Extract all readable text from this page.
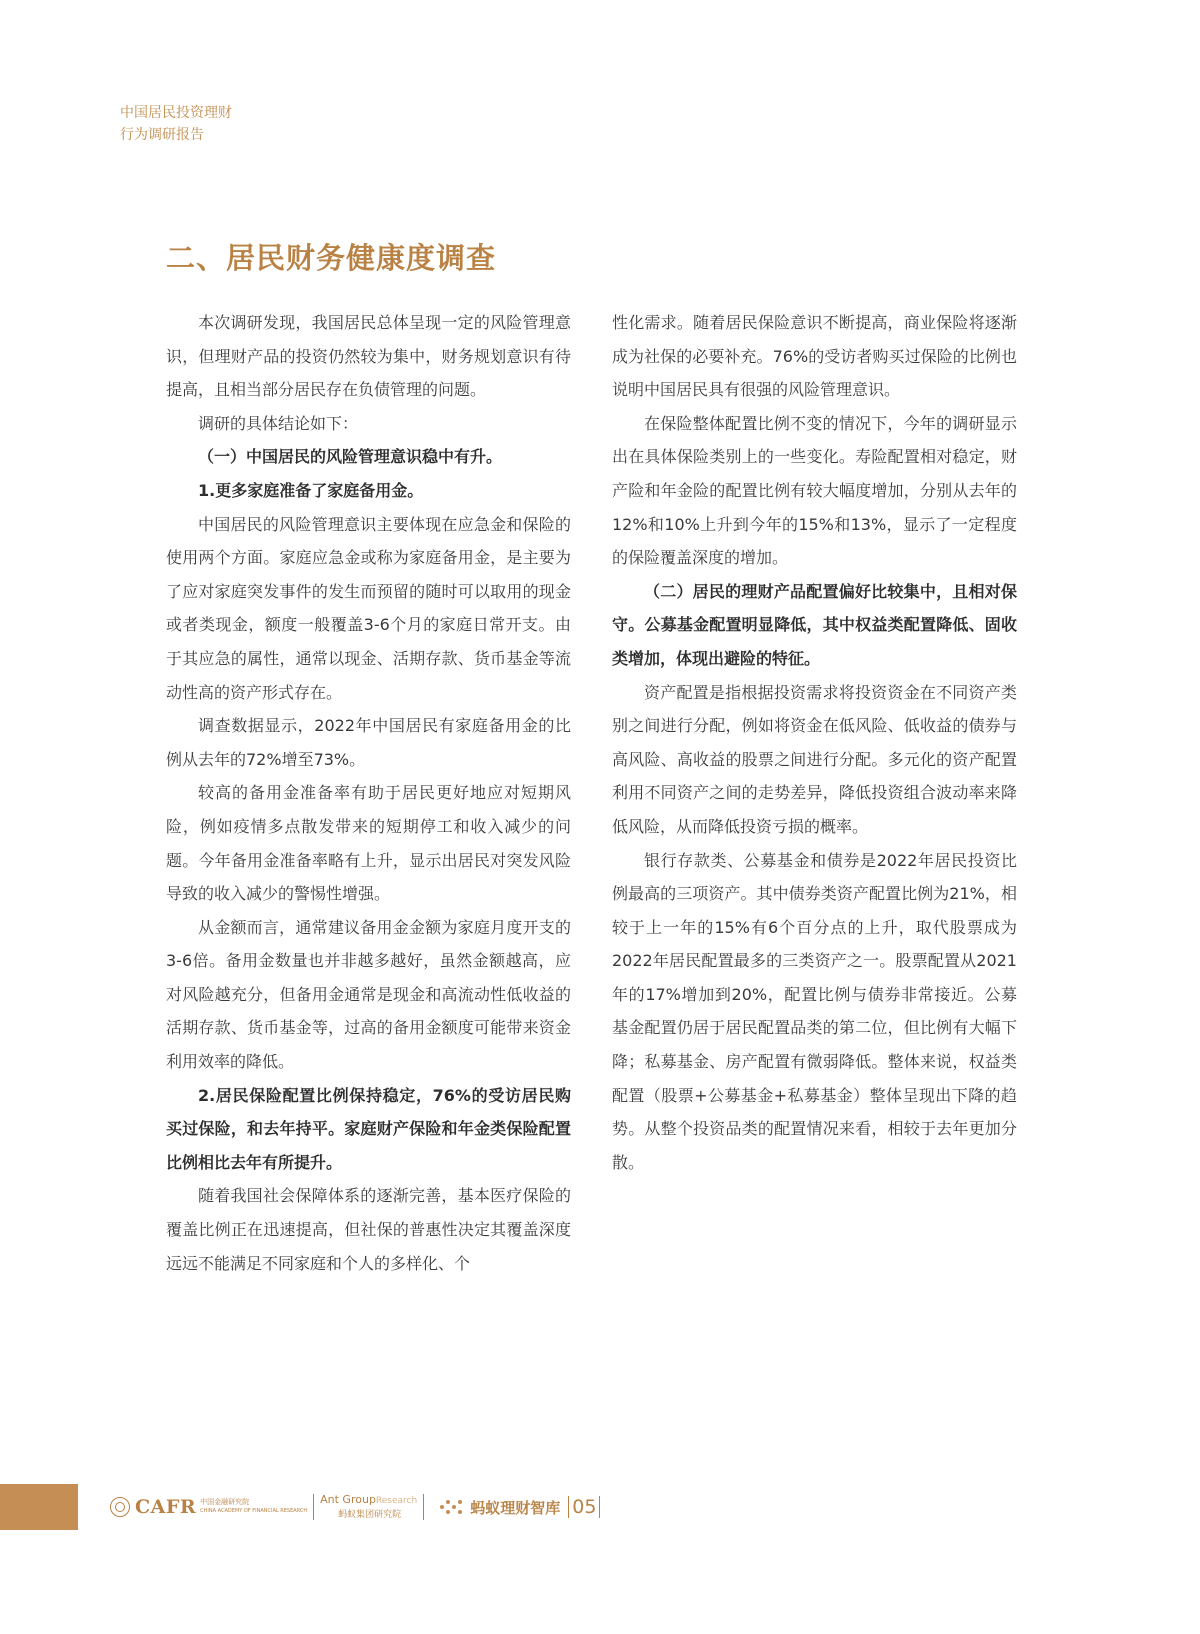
中国居民投资理财
行为调研报告
二、居民财务健康度调查

本次调研发现，我国居民总体呈现一定的风险管理意识，但理财产品的投资仍然较为集中，财务规划意识有待提高，且相当部分居民存在负债管理的问题。

调研的具体结论如下：

（一）中国居民的风险管理意识稳中有升。

1.更多家庭准备了家庭备用金。

中国居民的风险管理意识主要体现在应急金和保险的使用两个方面。家庭应急金或称为家庭备用金，是主要为了应对家庭突发事件的发生而预留的随时可以取用的现金或者类现金，额度一般覆盖3-6个月的家庭日常开支。由于其应急的属性，通常以现金、活期存款、货币基金等流动性高的资产形式存在。

调查数据显示，2022年中国居民有家庭备用金的比例从去年的72%增至73%。

较高的备用金准备率有助于居民更好地应对短期风险，例如疫情多点散发带来的短期停工和收入减少的问题。今年备用金准备率略有上升，显示出居民对突发风险导致的收入减少的警惕性增强。

从金额而言，通常建议备用金金额为家庭月度开支的3-6倍。备用金数量也并非越多越好，虽然金额越高，应对风险越充分，但备用金通常是现金和高流动性低收益的活期存款、货币基金等，过高的备用金额度可能带来资金利用效率的降低。

2.居民保险配置比例保持稳定，76%的受访居民购买过保险，和去年持平。家庭财产保险和年金类保险配置比例相比去年有所提升。

随着我国社会保障体系的逐渐完善，基本医疗保险的覆盖比例正在迅速提高，但社保的普惠性决定其覆盖深度远远不能满足不同家庭和个人的多样化、个

性化需求。随着居民保险意识不断提高，商业保险将逐渐成为社保的必要补充。76%的受访者购买过保险的比例也说明中国居民具有很强的风险管理意识。

在保险整体配置比例不变的情况下，今年的调研显示出在具体保险类别上的一些变化。寿险配置相对稳定，财产险和年金险的配置比例有较大幅度增加，分别从去年的12%和10%上升到今年的15%和13%，显示了一定程度的保险覆盖深度的增加。

（二）居民的理财产品配置偏好比较集中，且相对保守。公募基金配置明显降低，其中权益类配置降低、固收类增加，体现出避险的特征。

资产配置是指根据投资需求将投资资金在不同资产类别之间进行分配，例如将资金在低风险、低收益的债券与高风险、高收益的股票之间进行分配。多元化的资产配置利用不同资产之间的走势差异，降低投资组合波动率来降低风险，从而降低投资亏损的概率。

银行存款类、公募基金和债券是2022年居民投资比例最高的三项资产。其中债券类资产配置比例为21%，相较于上一年的15%有6个百分点的上升，取代股票成为2022年居民配置最多的三类资产之一。股票配置从2021年的17%增加到20%，配置比例与债券非常接近。公募基金配置仍居于居民配置品类的第二位，但比例有大幅下降；私募基金、房产配置有微弱降低。整体来说，权益类配置（股票+公募基金+私募基金）整体呈现出下降的趋势。从整个投资品类的配置情况来看，相较于去年更加分散。

CAFR 中国金融研究院
CHINA ACADEMY OF FINANCIAL RESEARCH
Ant GroupResearch
蚂蚁集团研究院	蚂蚁理财智库 05
